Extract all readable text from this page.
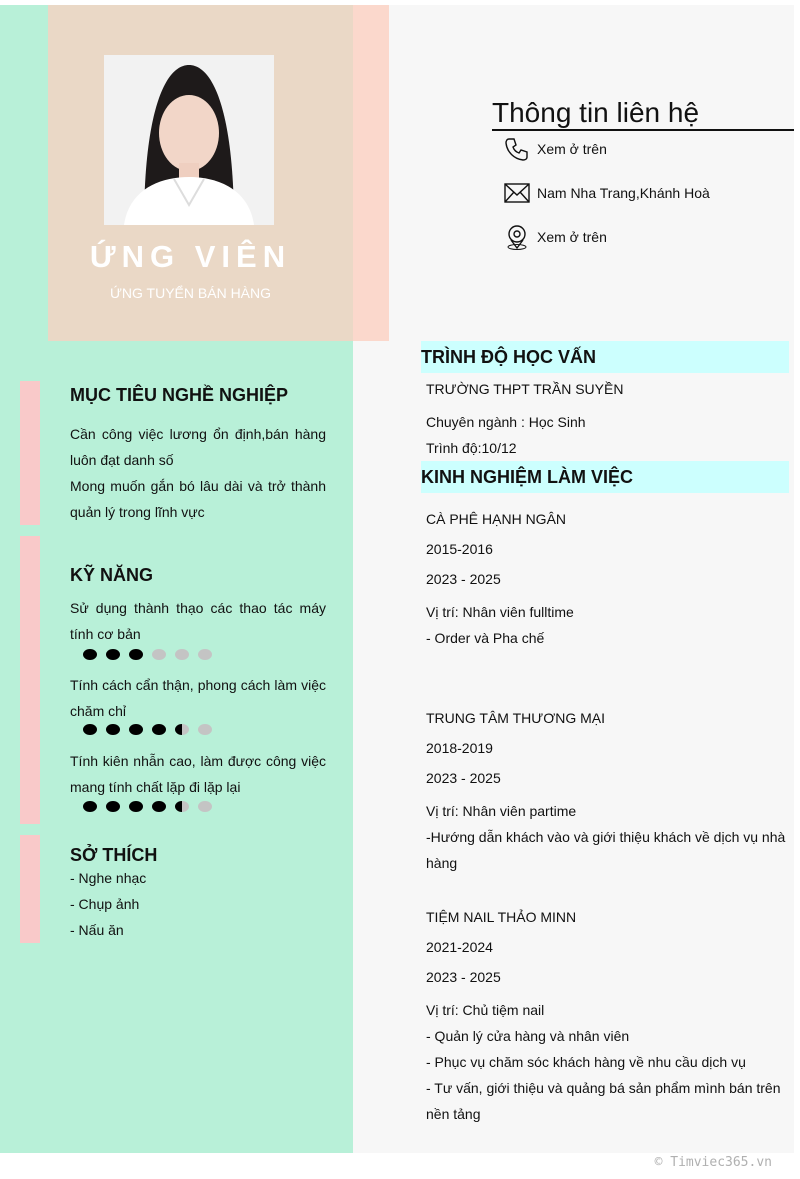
ỨNG VIÊN
ỨNG TUYỂN BÁN HÀNG
Thông tin liên hệ
Xem ở trên
Nam Nha Trang,Khánh Hoà
Xem ở trên
MỤC TIÊU NGHỀ NGHIỆP
Cần công việc lương ổn định,bán hàng luôn đạt danh số
Mong muốn gắn bó lâu dài và trở thành quản lý trong lĩnh vực
KỸ NĂNG
Sử dụng thành thạo các thao tác máy tính cơ bản
Tính cách cẩn thận, phong cách làm việc chăm chỉ
Tính kiên nhẫn cao, làm được công việc mang tính chất lặp đi lặp lại
SỞ THÍCH
- Nghe nhạc
- Chụp ảnh
- Nấu ăn
TRÌNH ĐỘ HỌC VẤN
TRƯỜNG THPT TRẦN SUYỀN
Chuyên ngành : Học Sinh
Trình độ:10/12
KINH NGHIỆM LÀM VIỆC
CÀ PHÊ HẠNH NGÂN
2015-2016
2023 - 2025
Vị trí: Nhân viên fulltime
- Order và Pha chế
TRUNG TÂM THƯƠNG MẠI
2018-2019
2023 - 2025
Vị trí: Nhân viên partime
-Hướng dẫn khách vào và giới thiệu khách về dịch vụ nhà hàng
TIỆM NAIL THẢO MINN
2021-2024
2023 - 2025
Vị trí: Chủ tiệm nail
- Quản lý cửa hàng và nhân viên
- Phục vụ chăm sóc khách hàng về nhu cầu dịch vụ
- Tư vấn, giới thiệu và quảng bá sản phẩm mình bán trên nền tảng
© Timviec365.vn
